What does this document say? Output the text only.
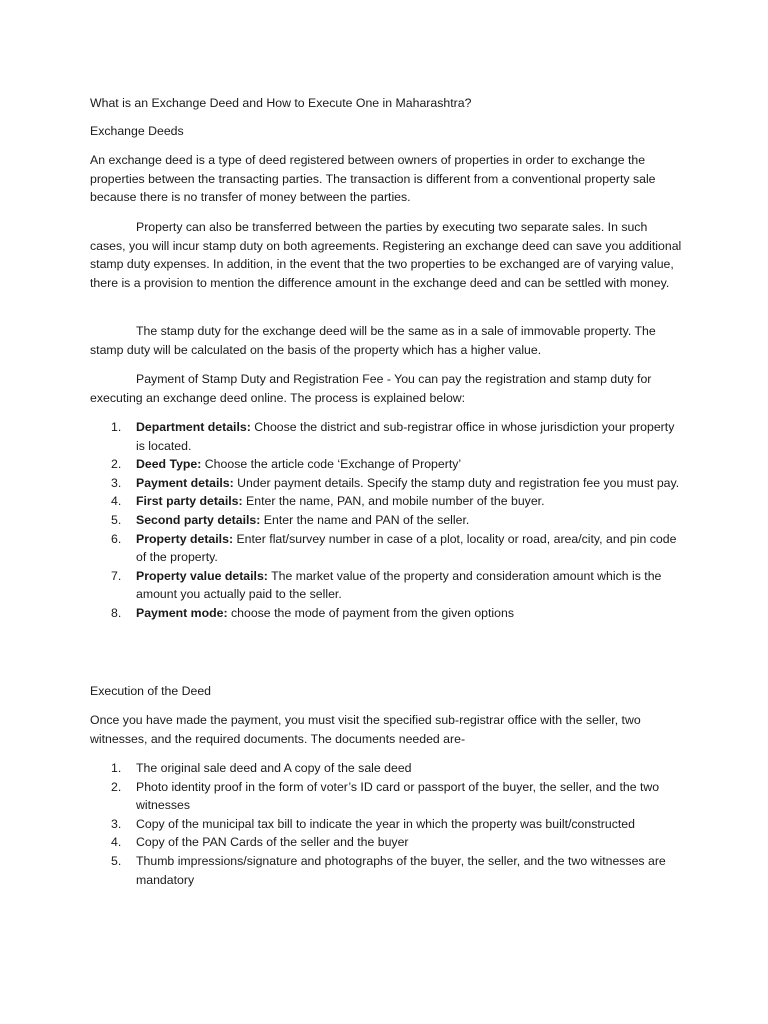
What is an Exchange Deed and How to Execute One in Maharashtra?

Exchange Deeds

An exchange deed is a type of deed registered between owners of properties in order to exchange the properties between the transacting parties. The transaction is different from a conventional property sale because there is no transfer of money between the parties.

Property can also be transferred between the parties by executing two separate sales. In such cases, you will incur stamp duty on both agreements. Registering an exchange deed can save you additional stamp duty expenses. In addition, in the event that the two properties to be exchanged are of varying value, there is a provision to mention the difference amount in the exchange deed and can be settled with money.

The stamp duty for the exchange deed will be the same as in a sale of immovable property. The stamp duty will be calculated on the basis of the property which has a higher value.

Payment of Stamp Duty and Registration Fee - You can pay the registration and stamp duty for executing an exchange deed online. The process is explained below:

1. Department details: Choose the district and sub-registrar office in whose jurisdiction your property is located.
2. Deed Type: Choose the article code ‘Exchange of Property’
3. Payment details: Under payment details. Specify the stamp duty and registration fee you must pay.
4. First party details: Enter the name, PAN, and mobile number of the buyer.
5. Second party details: Enter the name and PAN of the seller.
6. Property details: Enter flat/survey number in case of a plot, locality or road, area/city, and pin code of the property.
7. Property value details: The market value of the property and consideration amount which is the amount you actually paid to the seller.
8. Payment mode: choose the mode of payment from the given options

Execution of the Deed

Once you have made the payment, you must visit the specified sub-registrar office with the seller, two witnesses, and the required documents. The documents needed are-

1. The original sale deed and A copy of the sale deed
2. Photo identity proof in the form of voter’s ID card or passport of the buyer, the seller, and the two witnesses
3. Copy of the municipal tax bill to indicate the year in which the property was built/constructed
4. Copy of the PAN Cards of the seller and the buyer
5. Thumb impressions/signature and photographs of the buyer, the seller, and the two witnesses are mandatory
